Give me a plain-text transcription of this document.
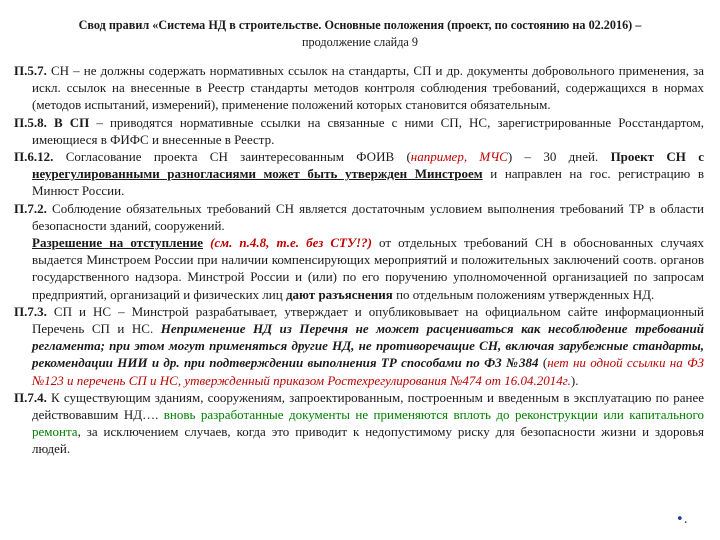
Свод правил «Система НД в строительстве. Основные положения (проект, по состоянию на 02.2016) –
продолжение слайда 9

П.5.7. СН – не должны содержать нормативных ссылок на стандарты, СП и др. документы добровольного применения, за искл. ссылок на внесенные в Реестр стандарты методов контроля соблюдения требований, содержащихся в нормах (методов испытаний, измерений), применение положений которых становится обязательным.

П.5.8. В СП – приводятся нормативные ссылки на связанные с ними СП, НС, зарегистрированные Росстандартом, имеющиеся в ФИФС и внесенные в Реестр.

П.6.12. Согласование проекта СН заинтересованным ФОИВ (например, МЧС) – 30 дней. Проект СН с неурегулированными разногласиями может быть утвержден Минстроем и направлен на гос. регистрацию в Минюст России.

П.7.2. Соблюдение обязательных требований СН является достаточным условием выполнения требований ТР в области безопасности зданий, сооружений.

Разрешение на отступление (см. п.4.8, т.е. без СТУ!?) от отдельных требований СН в обоснованных случаях выдается Минстроем России при наличии компенсирующих мероприятий и положительных заключений соотв. органов государственного надзора. Минстрой России и (или) по его поручению уполномоченной организацией по запросам предприятий, организаций и физических лиц дают разъяснения по отдельным положениям утвержденных НД.

П.7.3. СП и НС – Минстрой разрабатывает, утверждает и опубликовывает на официальном сайте информационный Перечень СП и НС. Неприменение НД из Перечня не может расцениваться как несоблюдение требований регламента; при этом могут применяться другие НД, не противоречащие СН, включая зарубежные стандарты, рекомендации НИИ и др. при подтверждении выполнения ТР способами по ФЗ №384 (нет ни одной ссылки на ФЗ №123 и перечень СП и НС, утвержденный приказом Ростехрегулирования №474 от 16.04.2014г.).

П.7.4. К существующим зданиям, сооружениям, запроектированным, построенным и введенным в эксплуатацию по ранее действовавшим НД…. вновь разработанные документы не применяются вплоть до реконструкции или капитального ремонта, за исключением случаев, когда это приводит к недопустимому риску для безопасности жизни и здоровья людей.

•.
